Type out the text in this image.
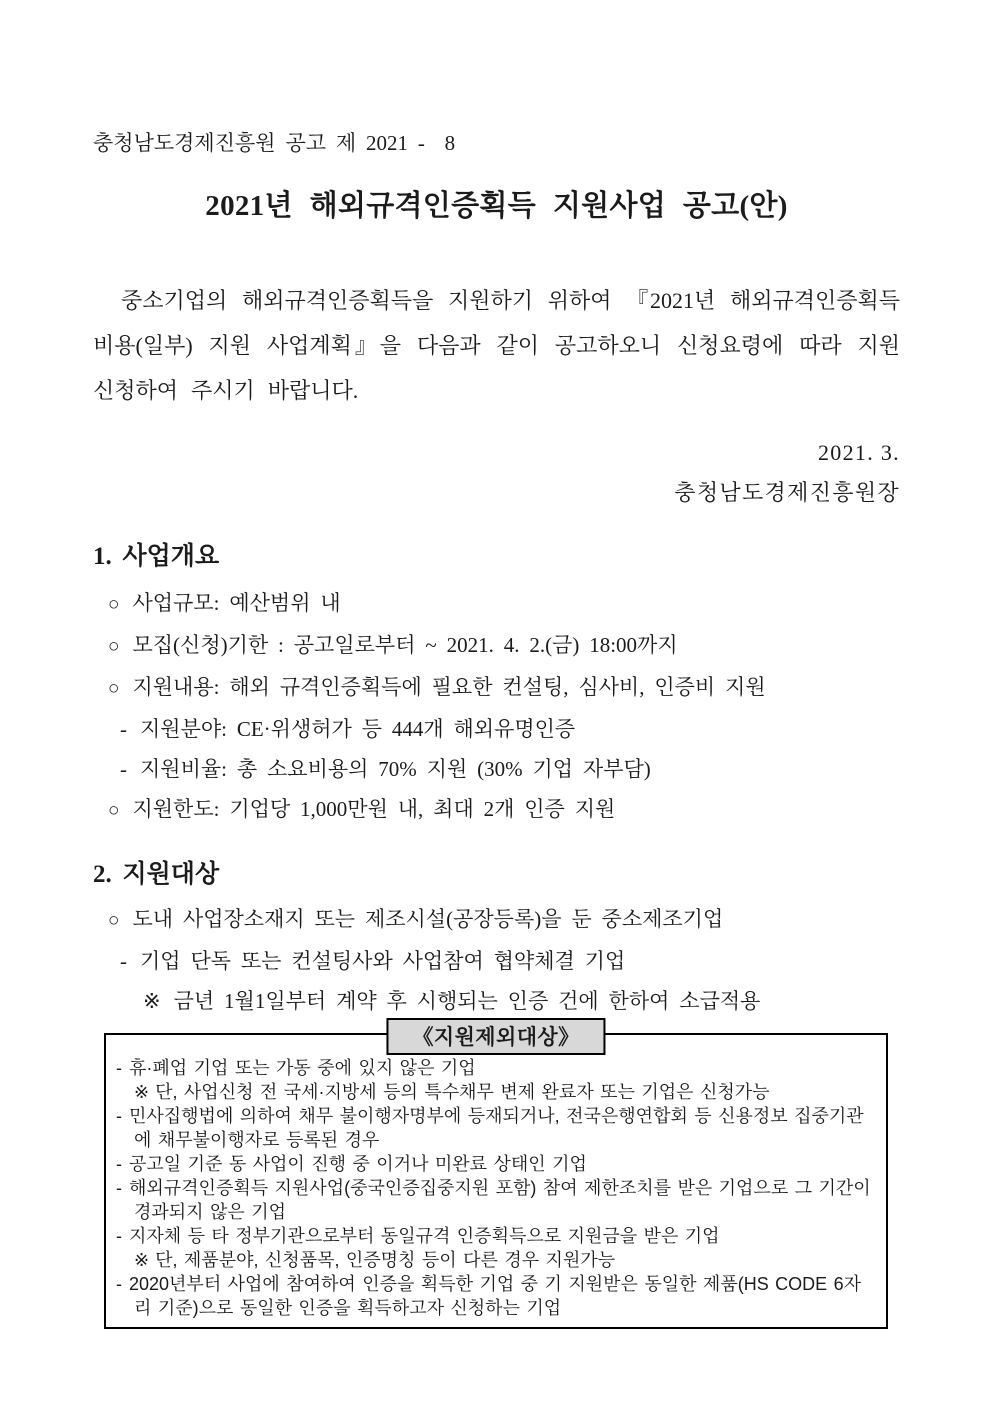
충청남도경제진흥원 공고 제 2021 -  8
2021년 해외규격인증획득 지원사업 공고(안)

중소기업의 해외규격인증획득을 지원하기 위하여 『2021년 해외규격인증획득비용(일부) 지원 사업계획』을 다음과 같이 공고하오니 신청요령에 따라 지원 신청하여 주시기 바랍니다.

2021. 3.
충청남도경제진흥원장
1. 사업개요
○ 사업규모: 예산범위 내
○ 모집(신청)기한 : 공고일로부터 ~ 2021. 4. 2.(금) 18:00까지
○ 지원내용: 해외 규격인증획득에 필요한 컨설팅, 심사비, 인증비 지원
- 지원분야: CE·위생허가 등 444개 해외유명인증
- 지원비율: 총 소요비용의 70% 지원 (30% 기업 자부담)
○ 지원한도: 기업당 1,000만원 내, 최대 2개 인증 지원
2. 지원대상
○ 도내 사업장소재지 또는 제조시설(공장등록)을 둔 중소제조기업
- 기업 단독 또는 컨설팅사와 사업참여 협약체결 기업
※ 금년 1월1일부터 계약 후 시행되는 인증 건에 한하여 소급적용
《지원제외대상》
- 휴·폐업 기업 또는 가동 중에 있지 않은 기업
※ 단, 사업신청 전 국세·지방세 등의 특수채무 변제 완료자 또는 기업은 신청가능
- 민사집행법에 의하여 채무 불이행자명부에 등재되거나, 전국은행연합회 등 신용정보 집중기관에 채무불이행자로 등록된 경우
- 공고일 기준 동 사업이 진행 중 이거나 미완료 상태인 기업
- 해외규격인증획득 지원사업(중국인증집중지원 포함) 참여 제한조치를 받은 기업으로 그 기간이 경과되지 않은 기업
- 지자체 등 타 정부기관으로부터 동일규격 인증획득으로 지원금을 받은 기업
※ 단, 제품분야, 신청품목, 인증명칭 등이 다른 경우 지원가능
- 2020년부터 사업에 참여하여 인증을 획득한 기업 중 기 지원받은 동일한 제품(HS CODE 6자리 기준)으로 동일한 인증을 획득하고자 신청하는 기업
